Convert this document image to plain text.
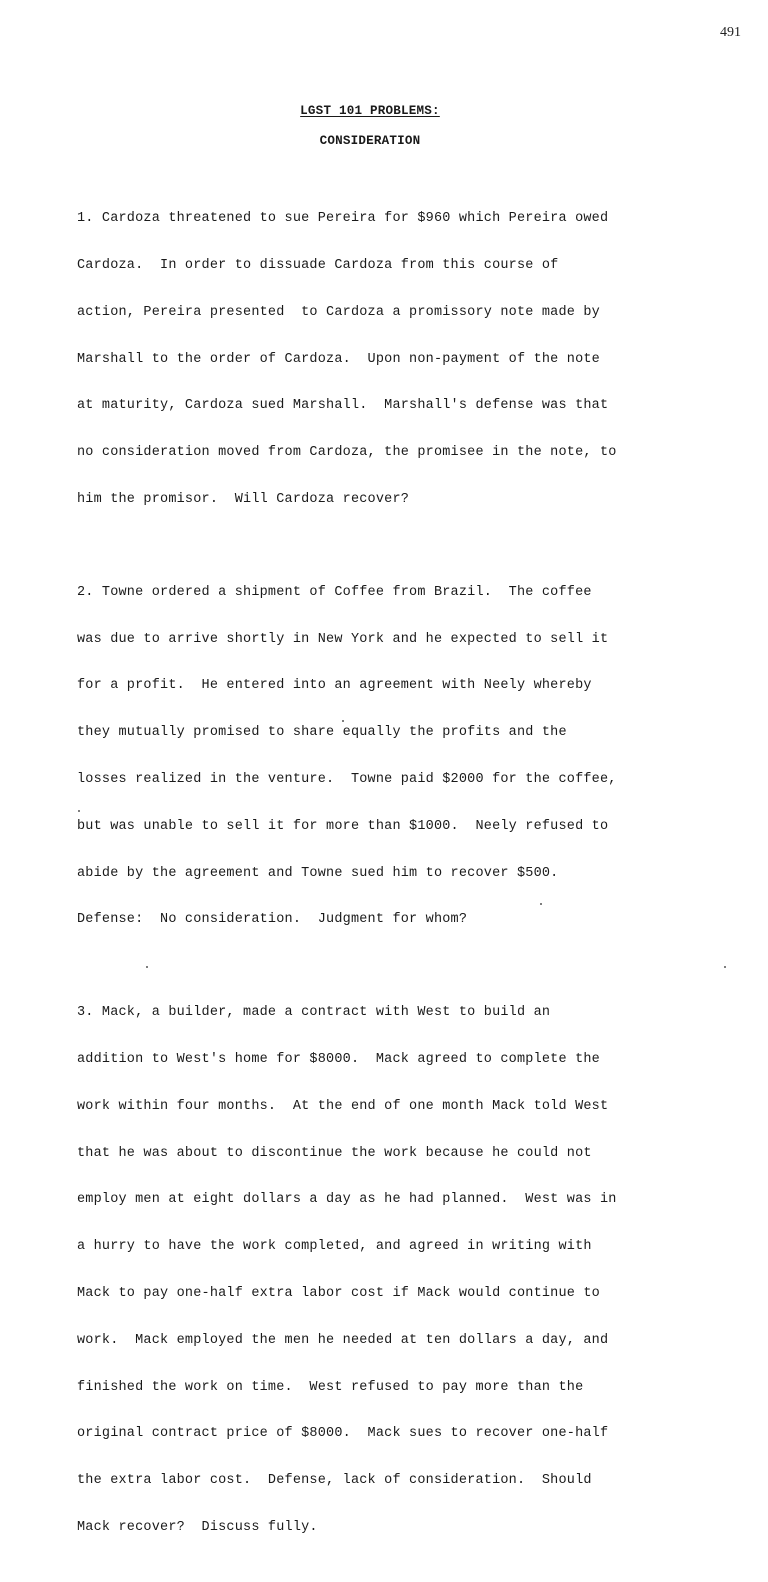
491
LGST 101 PROBLEMS:
CONSIDERATION

1. Cardoza threatened to sue Pereira for $960 which Pereira owed

Cardoza.  In order to dissuade Cardoza from this course of

action, Pereira presented  to Cardoza a promissory note made by

Marshall to the order of Cardoza.  Upon non-payment of the note

at maturity, Cardoza sued Marshall.  Marshall's defense was that

no consideration moved from Cardoza, the promisee in the note, to

him the promisor.  Will Cardoza recover?

2. Towne ordered a shipment of Coffee from Brazil.  The coffee

was due to arrive shortly in New York and he expected to sell it

for a profit.  He entered into an agreement with Neely whereby

they mutually promised to share equally the profits and the

losses realized in the venture.  Towne paid $2000 for the coffee,

but was unable to sell it for more than $1000.  Neely refused to

abide by the agreement and Towne sued him to recover $500.

Defense:  No consideration.  Judgment for whom?

3. Mack, a builder, made a contract with West to build an

addition to West's home for $8000.  Mack agreed to complete the

work within four months.  At the end of one month Mack told West

that he was about to discontinue the work because he could not

employ men at eight dollars a day as he had planned.  West was in

a hurry to have the work completed, and agreed in writing with

Mack to pay one-half extra labor cost if Mack would continue to

work.  Mack employed the men he needed at ten dollars a day, and

finished the work on time.  West refused to pay more than the

original contract price of $8000.  Mack sues to recover one-half

the extra labor cost.  Defense, lack of consideration.  Should

Mack recover?  Discuss fully.
